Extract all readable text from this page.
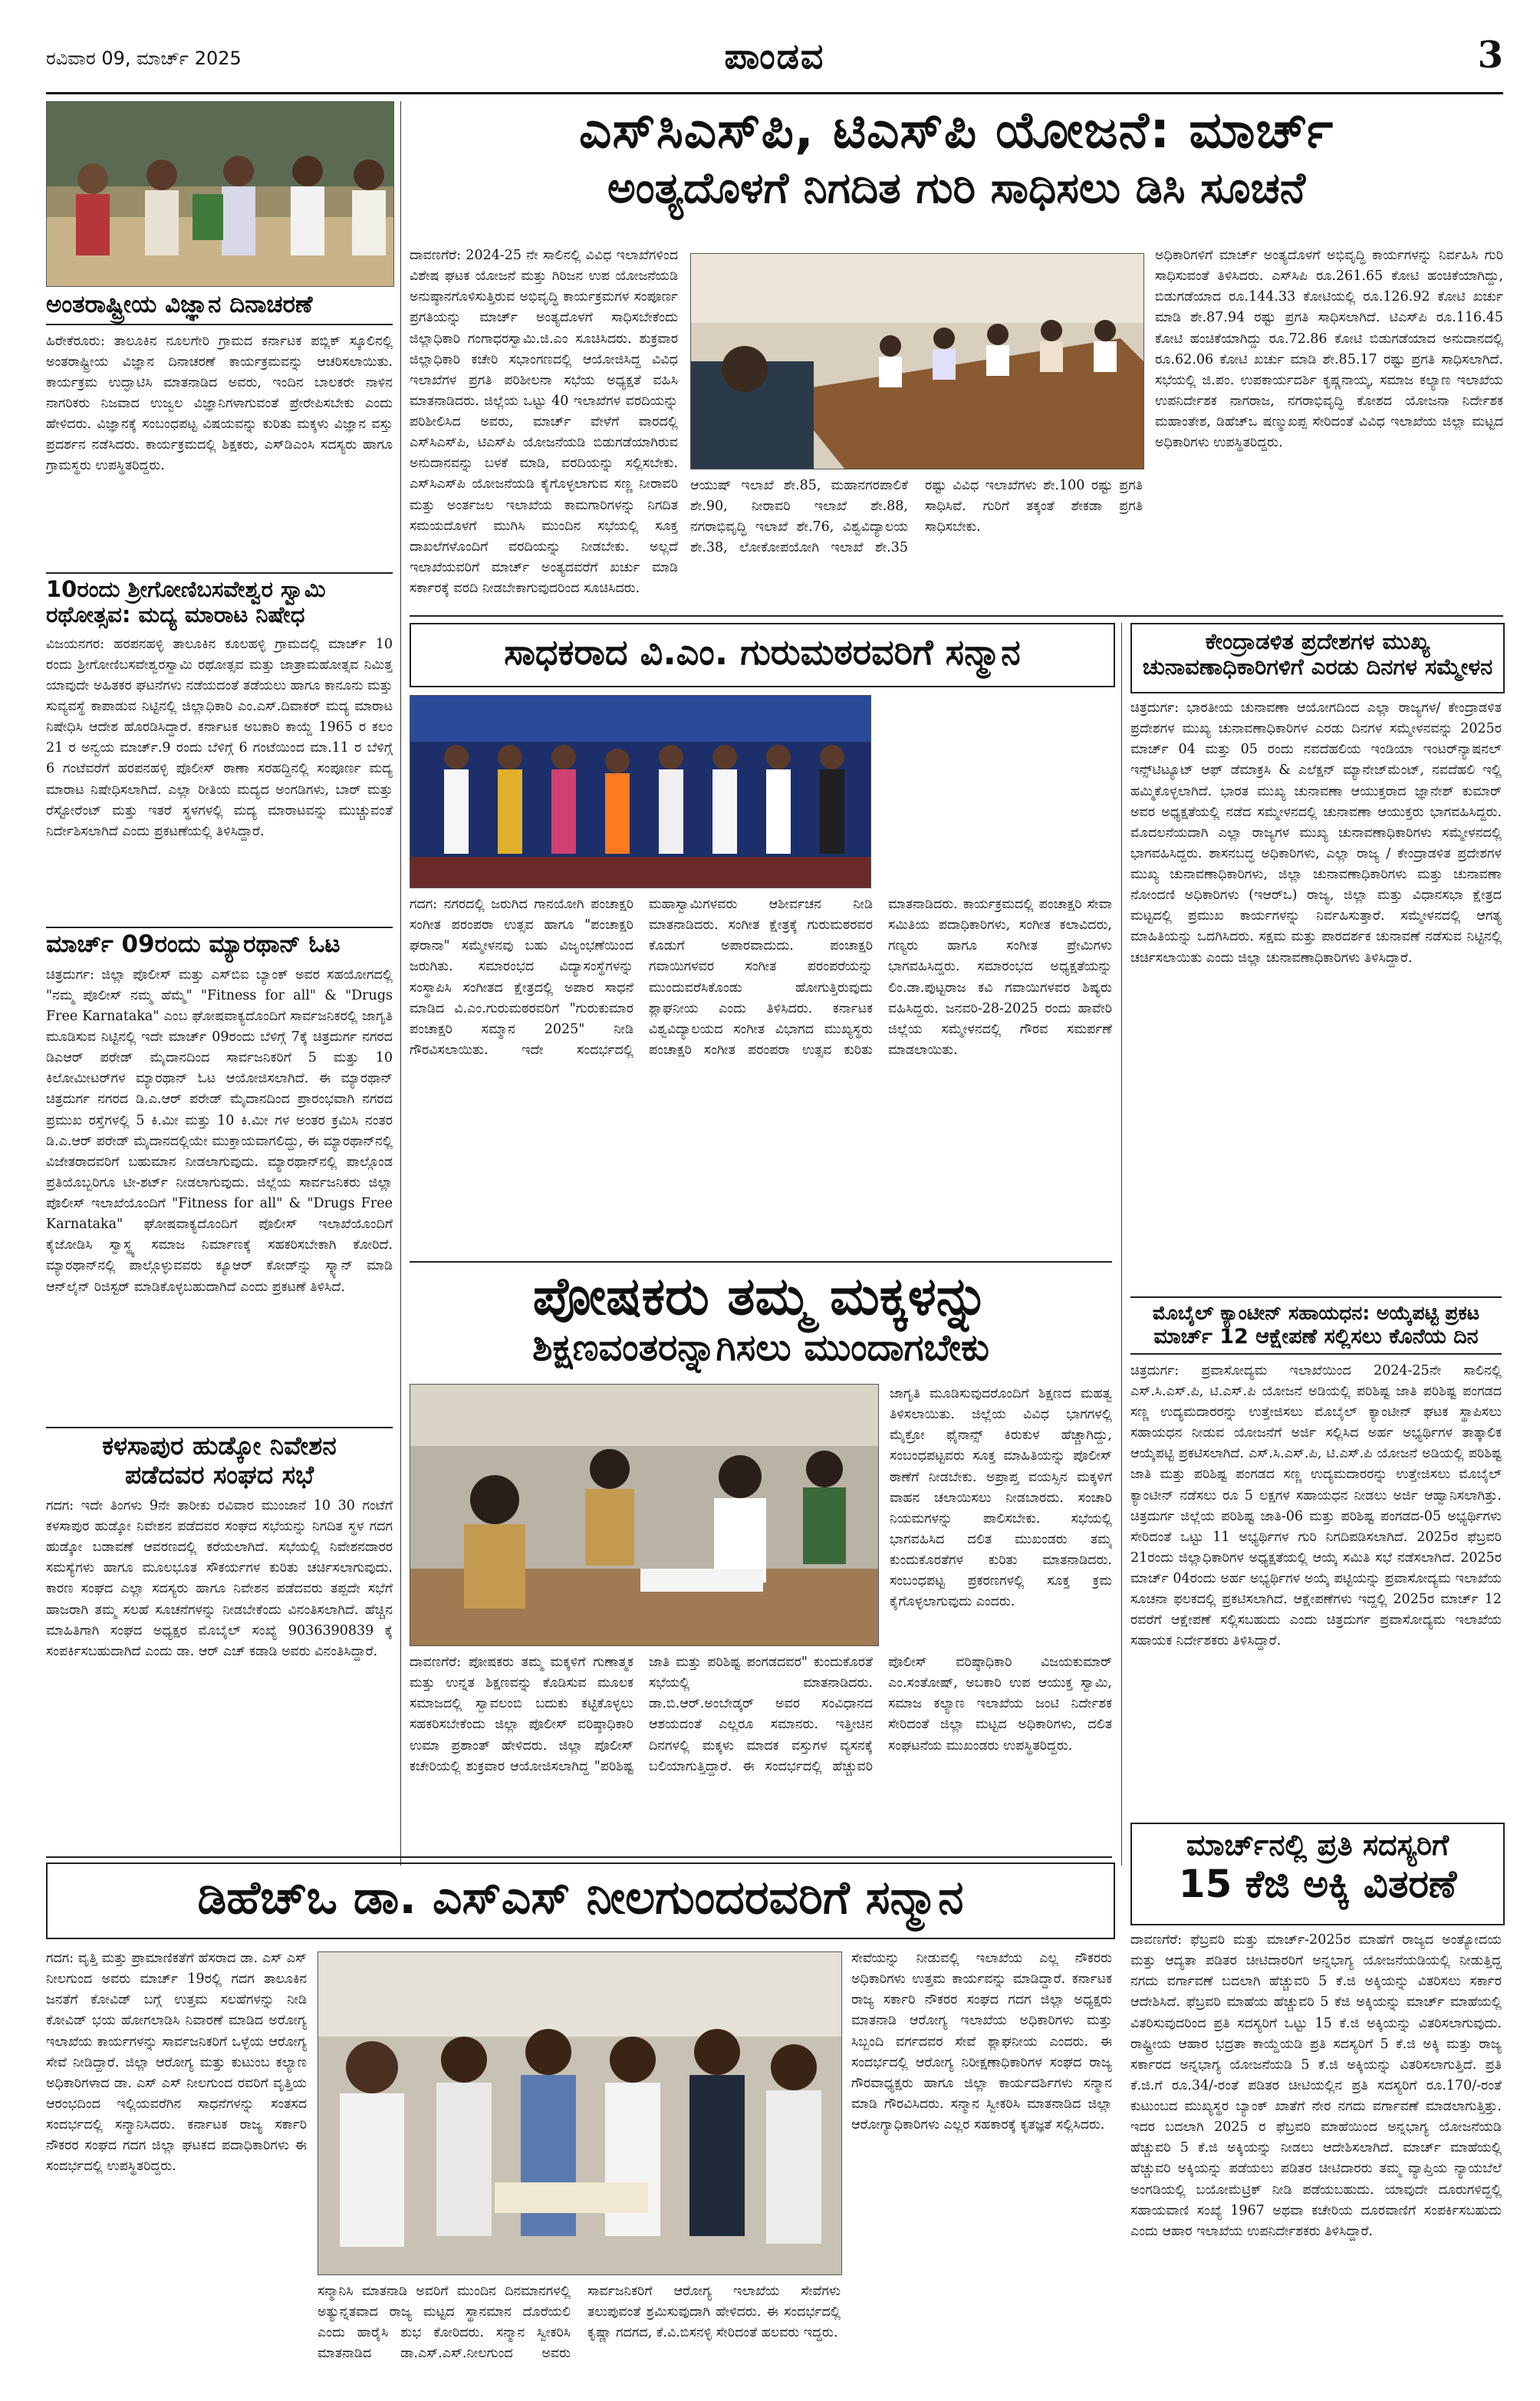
ರವಿವಾರ 09, ಮಾರ್ಚ್ 2025	ಪಾಂಡವ	3
ಅಂತರಾಷ್ಟ್ರೀಯ ವಿಜ್ಞಾನ ದಿನಾಚರಣೆ
ಹಿರೇಕೆರೂರು: ತಾಲೂಕಿನ ನೂಲಗೇರಿ ಗ್ರಾಮದ ಕರ್ನಾಟಕ ಪಬ್ಲಿಕ್ ಸ್ಕೂಲಿನಲ್ಲಿ ಅಂತರಾಷ್ಟ್ರೀಯ ವಿಜ್ಞಾನ ದಿನಾಚರಣೆ ಕಾರ್ಯಕ್ರಮವನ್ನು ಆಚರಿಸಲಾಯಿತು. ಕಾರ್ಯಕ್ರಮ ಉದ್ಘಾಟಿಸಿ ಮಾತನಾಡಿದ ಅವರು, ಇಂದಿನ ಬಾಲಕರೇ ನಾಳಿನ ನಾಗರಿಕರು ನಿಜವಾದ ಉಜ್ವಲ ವಿಜ್ಞಾನಿಗಳಾಗುವಂತೆ ಪ್ರೇರೇಪಿಸಬೇಕು ಎಂದು ಹೇಳಿದರು. ವಿಜ್ಞಾನಕ್ಕೆ ಸಂಬಂಧಪಟ್ಟ ವಿಷಯವನ್ನು ಕುರಿತು ಮಕ್ಕಳು ವಿಜ್ಞಾನ ವಸ್ತು ಪ್ರದರ್ಶನ ನಡೆಸಿದರು. ಕಾರ್ಯಕ್ರಮದಲ್ಲಿ ಶಿಕ್ಷಕರು, ಎಸ್‌ಡಿಎಂಸಿ ಸದಸ್ಯರು ಹಾಗೂ ಗ್ರಾಮಸ್ಥರು ಉಪಸ್ಥಿತರಿದ್ದರು.
10ರಂದು ಶ್ರೀಗೋಣಿಬಸವೇಶ್ವರ ಸ್ವಾಮಿ ರಥೋತ್ಸವ: ಮದ್ಯ ಮಾರಾಟ ನಿಷೇಧ
ವಿಜಯನಗರ: ಹರಪನಹಳ್ಳಿ ತಾಲೂಕಿನ ಕೂಲಹಳ್ಳಿ ಗ್ರಾಮದಲ್ಲಿ ಮಾರ್ಚ್ 10 ರಂದು ಶ್ರೀಗೋಣಿಬಸವೇಶ್ವರಸ್ವಾಮಿ ರಥೋತ್ಸವ ಮತ್ತು ಜಾತ್ರಾಮಹೋತ್ಸವ ನಿಮಿತ್ತ ಯಾವುದೇ ಅಹಿತಕರ ಘಟನೆಗಳು ನಡೆಯದಂತೆ ತಡೆಯಲು ಹಾಗೂ ಕಾನೂನು ಮತ್ತು ಸುವ್ಯವಸ್ಥೆ ಕಾಪಾಡುವ ನಿಟ್ಟಿನಲ್ಲಿ ಜಿಲ್ಲಾಧಿಕಾರಿ ಎಂ.ಎಸ್.ದಿವಾಕರ್ ಮದ್ಯ ಮಾರಾಟ ನಿಷೇಧಿಸಿ ಆದೇಶ ಹೊರಡಿಸಿದ್ದಾರೆ. ಕರ್ನಾಟಕ ಅಬಕಾರಿ ಕಾಯ್ದೆ 1965 ರ ಕಲಂ 21 ರ ಅನ್ವಯ ಮಾರ್ಚ್.9 ರಂದು ಬೆಳಿಗ್ಗೆ 6 ಗಂಟೆಯಿಂದ ಮಾ.11 ರ ಬೆಳಿಗ್ಗೆ 6 ಗಂಟೆವರೆಗೆ ಹರಪನಹಳ್ಳಿ ಪೊಲೀಸ್ ಠಾಣಾ ಸರಹದ್ದಿನಲ್ಲಿ ಸಂಪೂರ್ಣ ಮದ್ಯ ಮಾರಾಟ ನಿಷೇಧಿಸಲಾಗಿದೆ. ಎಲ್ಲಾ ರೀತಿಯ ಮದ್ಯದ ಅಂಗಡಿಗಳು, ಬಾರ್ ಮತ್ತು ರೆಸ್ಟೋರೆಂಟ್ ಮತ್ತು ಇತರೆ ಸ್ಥಳಗಳಲ್ಲಿ ಮದ್ಯ ಮಾರಾಟವನ್ನು ಮುಚ್ಚುವಂತೆ ನಿರ್ದೇಶಿಸಲಾಗಿದೆ ಎಂದು ಪ್ರಕಟಣೆಯಲ್ಲಿ ತಿಳಿಸಿದ್ದಾರೆ.
ಮಾರ್ಚ್ 09ರಂದು ಮ್ಯಾರಥಾನ್ ಓಟ
ಚಿತ್ರದುರ್ಗ: ಜಿಲ್ಲಾ ಪೊಲೀಸ್ ಮತ್ತು ಎಸ್‌ಬಿಐ ಬ್ಯಾಂಕ್ ಅವರ ಸಹಯೋಗದಲ್ಲಿ "ನಮ್ಮ ಪೊಲೀಸ್ ನಮ್ಮ ಹೆಮ್ಮೆ" "Fitness for all" & "Drugs Free Karnataka" ಎಂಬ ಘೋಷವಾಕ್ಯದೊಂದಿಗೆ ಸಾರ್ವಜನಿಕರಲ್ಲಿ ಜಾಗೃತಿ ಮೂಡಿಸುವ ನಿಟ್ಟಿನಲ್ಲಿ ಇದೇ ಮಾರ್ಚ್ 09ರಂದು ಬೆಳಿಗ್ಗೆ 7ಕ್ಕೆ ಚಿತ್ರದುರ್ಗ ನಗರದ ಡಿಎಆರ್ ಪರೇಡ್ ಮೈದಾನದಿಂದ ಸಾರ್ವಜನಿಕರಿಗೆ 5 ಮತ್ತು 10 ಕಿಲೋಮೀಟರ್‌ಗಳ ಮ್ಯಾರಥಾನ್ ಓಟ ಆಯೋಜಿಸಲಾಗಿದೆ. ಈ ಮ್ಯಾರಥಾನ್ ಚಿತ್ರದುರ್ಗ ನಗರದ ಡಿ.ಎ.ಆರ್ ಪರೇಡ್ ಮೈದಾನದಿಂದ ಪ್ರಾರಂಭವಾಗಿ ನಗರದ ಪ್ರಮುಖ ರಸ್ತೆಗಳಲ್ಲಿ 5 ಕಿ.ಮೀ ಮತ್ತು 10 ಕಿ.ಮೀ ಗಳ ಅಂತರ ಕ್ರಮಿಸಿ ನಂತರ ಡಿ.ಎ.ಆರ್ ಪರೇಡ್ ಮೈದಾನದಲ್ಲಿಯೇ ಮುಕ್ತಾಯವಾಗಲಿದ್ದು, ಈ ಮ್ಯಾರಥಾನ್‌ನಲ್ಲಿ ವಿಜೇತರಾದವರಿಗೆ ಬಹುಮಾನ ನೀಡಲಾಗುವುದು. ಮ್ಯಾರಥಾನ್‌ನಲ್ಲಿ ಪಾಲ್ಗೊಂಡ ಪ್ರತಿಯೊಬ್ಬರಿಗೂ ಟೀ-ಶರ್ಟ್ ನೀಡಲಾಗುವುದು. ಜಿಲ್ಲೆಯ ಸಾರ್ವಜನಿಕರು ಜಿಲ್ಲಾ ಪೊಲೀಸ್ ಇಲಾಖೆಯೊಂದಿಗೆ "Fitness for all" & "Drugs Free Karnataka" ಘೋಷವಾಕ್ಯದೊಂದಿಗೆ ಪೊಲೀಸ್ ಇಲಾಖೆಯೊಂದಿಗೆ ಕೈಜೋಡಿಸಿ ಸ್ವಾಸ್ಥ್ಯ ಸಮಾಜ ನಿರ್ಮಾಣಕ್ಕೆ ಸಹಕರಿಸಬೇಕಾಗಿ ಕೋರಿದೆ. ಮ್ಯಾರಥಾನ್‌ನಲ್ಲಿ ಪಾಲ್ಗೊಳ್ಳುವವರು ಕ್ಯೂಆರ್ ಕೋಡ್‌ನ್ನು ಸ್ಕ್ಯಾನ್ ಮಾಡಿ ಆನ್‌ಲೈನ್ ರಿಜಿಸ್ಟರ್ ಮಾಡಿಕೊಳ್ಳಬಹುದಾಗಿದೆ ಎಂದು ಪ್ರಕಟಣೆ ತಿಳಿಸಿದೆ.
ಕಳಸಾಪುರ ಹುಡ್ಕೋ ನಿವೇಶನ
ಪಡೆದವರ ಸಂಘದ ಸಭೆ
ಗದಗ: ಇದೇ ತಿಂಗಳು 9ನೇ ತಾರೀಕು ರವಿವಾರ ಮುಂಜಾನೆ 10 30 ಗಂಟೆಗೆ ಕಳಸಾಪುರ ಹುಡ್ಕೋ ನಿವೇಶನ ಪಡೆದವರ ಸಂಘದ ಸಭೆಯನ್ನು ನಿಗದಿತ ಸ್ಥಳ ಗದಗ ಹುಡ್ಕೋ ಬಡಾವಣೆ ಆವರಣದಲ್ಲಿ ಕರೆಯಲಾಗಿದೆ. ಸಭೆಯಲ್ಲಿ ನಿವೇಶನದಾರರ ಸಮಸ್ಯೆಗಳು ಹಾಗೂ ಮೂಲಭೂತ ಸೌಕರ್ಯಗಳ ಕುರಿತು ಚರ್ಚಿಸಲಾಗುವುದು. ಕಾರಣ ಸಂಘದ ಎಲ್ಲಾ ಸದಸ್ಯರು ಹಾಗೂ ನಿವೇಶನ ಪಡೆದವರು ತಪ್ಪದೇ ಸಭೆಗೆ ಹಾಜರಾಗಿ ತಮ್ಮ ಸಲಹೆ ಸೂಚನೆಗಳನ್ನು ನೀಡಬೇಕೆಂದು ವಿನಂತಿಸಲಾಗಿದೆ. ಹೆಚ್ಚಿನ ಮಾಹಿತಿಗಾಗಿ ಸಂಘದ ಅಧ್ಯಕ್ಷರ ಮೊಬೈಲ್ ಸಂಖ್ಯೆ 9036390839 ಕ್ಕೆ ಸಂಪರ್ಕಿಸಬಹುದಾಗಿದೆ ಎಂದು ಡಾ. ಆರ್ ಎಚ್ ಕಡಾಡಿ ಅವರು ವಿನಂತಿಸಿದ್ದಾರೆ.
ಎಸ್‌ಸಿಎಸ್‌ಪಿ, ಟಿಎಸ್‌ಪಿ ಯೋಜನೆ: ಮಾರ್ಚ್
ಅಂತ್ಯದೊಳಗೆ ನಿಗದಿತ ಗುರಿ ಸಾಧಿಸಲು ಡಿಸಿ ಸೂಚನೆ
ದಾವಣಗೆರೆ: 2024-25 ನೇ ಸಾಲಿನಲ್ಲಿ ವಿವಿಧ ಇಲಾಖೆಗಳಿಂದ ವಿಶೇಷ ಘಟಕ ಯೋಜನೆ ಮತ್ತು ಗಿರಿಜನ ಉಪ ಯೋಜನೆಯಡಿ ಅನುಷ್ಠಾನಗೊಳಿಸುತ್ತಿರುವ ಅಭಿವೃದ್ಧಿ ಕಾರ್ಯಕ್ರಮಗಳ ಸಂಪೂರ್ಣ ಪ್ರಗತಿಯನ್ನು ಮಾರ್ಚ್ ಅಂತ್ಯದೊಳಗೆ ಸಾಧಿಸಬೇಕೆಂದು ಜಿಲ್ಲಾಧಿಕಾರಿ ಗಂಗಾಧರಸ್ವಾಮಿ.ಜಿ.ಎಂ ಸೂಚಿಸಿದರು. ಶುಕ್ರವಾರ ಜಿಲ್ಲಾಧಿಕಾರಿ ಕಚೇರಿ ಸಭಾಂಗಣದಲ್ಲಿ ಆಯೋಜಿಸಿದ್ದ ವಿವಿಧ ಇಲಾಖೆಗಳ ಪ್ರಗತಿ ಪರಿಶೀಲನಾ ಸಭೆಯ ಅಧ್ಯಕ್ಷತೆ ವಹಿಸಿ ಮಾತನಾಡಿದರು. ಜಿಲ್ಲೆಯ ಒಟ್ಟು 40 ಇಲಾಖೆಗಳ ವರದಿಯನ್ನು ಪರಿಶೀಲಿಸಿದ ಅವರು, ಮಾರ್ಚ್ ವೇಳೆಗೆ ವಾರದಲ್ಲಿ ಎಸ್‌ಸಿಎಸ್‌ಪಿ, ಟಿಎಸ್‌ಪಿ ಯೋಜನೆಯಡಿ ಬಿಡುಗಡೆಯಾಗಿರುವ ಅನುದಾನವನ್ನು ಬಳಕೆ ಮಾಡಿ, ವರದಿಯನ್ನು ಸಲ್ಲಿಸಬೇಕು. ಎಸ್‌ಸಿಎಸ್‌ಪಿ ಯೋಜನೆಯಡಿ ಕೈಗೊಳ್ಳಲಾಗುವ ಸಣ್ಣ ನೀರಾವರಿ ಮತ್ತು ಅಂರ್ತಜಲ ಇಲಾಖೆಯ ಕಾಮಗಾರಿಗಳನ್ನು ನಿಗದಿತ ಸಮಯದೊಳಗೆ ಮುಗಿಸಿ ಮುಂದಿನ ಸಭೆಯಲ್ಲಿ ಸೂಕ್ತ ದಾಖಲೆಗಳೊಂದಿಗೆ ವರದಿಯನ್ನು ನೀಡಬೇಕು. ಅಲ್ಲದೆ ಇಲಾಖೆಯವರಿಗೆ ಮಾರ್ಚ್ ಅಂತ್ಯದವರೆಗೆ ಖರ್ಚು ಮಾಡಿ ಸರ್ಕಾರಕ್ಕೆ ವರದಿ ನೀಡಬೇಕಾಗುವುದರಿಂದ ಸೂಚಿಸಿದರು.
ಆಯುಷ್ ಇಲಾಖೆ ಶೇ.85, ಮಹಾನಗರಪಾಲಿಕೆ ಶೇ.90, ನೀರಾವರಿ ಇಲಾಖೆ ಶೇ.88, ನಗರಾಭಿವೃದ್ಧಿ ಇಲಾಖೆ ಶೇ.76, ವಿಶ್ವವಿದ್ಯಾಲಯ ಶೇ.38, ಲೋಕೋಪಯೋಗಿ ಇಲಾಖೆ ಶೇ.35 ರಷ್ಟು ವಿವಿಧ ಇಲಾಖೆಗಳು ಶೇ.100 ರಷ್ಟು ಪ್ರಗತಿ ಸಾಧಿಸಿವೆ. ಗುರಿಗೆ ತಕ್ಕಂತೆ ಶೇಕಡಾ ಪ್ರಗತಿ ಸಾಧಿಸಬೇಕು.
ಅಧಿಕಾರಿಗಳಿಗೆ ಮಾರ್ಚ್ ಅಂತ್ಯದೊಳಗೆ ಅಭಿವೃದ್ಧಿ ಕಾರ್ಯಗಳನ್ನು ನಿರ್ವಹಿಸಿ ಗುರಿ ಸಾಧಿಸುವಂತೆ ತಿಳಿಸಿದರು. ಎಸ್‌ಸಿಪಿ ರೂ.261.65 ಕೋಟಿ ಹಂಚಿಕೆಯಾಗಿದ್ದು, ಬಿಡುಗಡೆಯಾದ ರೂ.144.33 ಕೋಟಿಯಲ್ಲಿ ರೂ.126.92 ಕೋಟಿ ಖರ್ಚು ಮಾಡಿ ಶೇ.87.94 ರಷ್ಟು ಪ್ರಗತಿ ಸಾಧಿಸಲಾಗಿದೆ. ಟಿಎಸ್‌ಪಿ ರೂ.116.45 ಕೋಟಿ ಹಂಚಿಕೆಯಾಗಿದ್ದು ರೂ.72.86 ಕೋಟಿ ಬಿಡುಗಡೆಯಾದ ಅನುದಾನದಲ್ಲಿ ರೂ.62.06 ಕೋಟಿ ಖರ್ಚು ಮಾಡಿ ಶೇ.85.17 ರಷ್ಟು ಪ್ರಗತಿ ಸಾಧಿಸಲಾಗಿದೆ. ಸಭೆಯಲ್ಲಿ ಜಿ.ಪಂ. ಉಪಕಾರ್ಯದರ್ಶಿ ಕೃಷ್ಣನಾಯ್ಕ, ಸಮಾಜ ಕಲ್ಯಾಣ ಇಲಾಖೆಯ ಉಪನಿರ್ದೇಶಕ ನಾಗರಾಜ, ನಗರಾಭಿವೃದ್ಧಿ ಕೋಶದ ಯೋಜನಾ ನಿರ್ದೇಶಕ ಮಹಾಂತೇಶ, ಡಿಹೆಚ್‌ಒ ಷಣ್ಮುಖಪ್ಪ ಸೇರಿದಂತೆ ವಿವಿಧ ಇಲಾಖೆಯ ಜಿಲ್ಲಾ ಮಟ್ಟದ ಅಧಿಕಾರಿಗಳು ಉಪಸ್ಥಿತರಿದ್ದರು.
ಸಾಧಕರಾದ ವಿ.ಎಂ. ಗುರುಮಠರವರಿಗೆ ಸನ್ಮಾನ
ಗದಗ: ನಗರದಲ್ಲಿ ಜರುಗಿದ ಗಾನಯೋಗಿ ಪಂಚಾಕ್ಷರಿ ಸಂಗೀತ ಪರಂಪರಾ ಉತ್ಸವ ಹಾಗೂ "ಪಂಚಾಕ್ಷರಿ ಘರಾನಾ" ಸಮ್ಮೇಳನವು ಬಹು ವಿಜೃಂಭಣೆಯಿಂದ ಜರುಗಿತು. ಸಮಾರಂಭದ ವಿದ್ಯಾಸಂಸ್ಥೆಗಳನ್ನು ಸಂಸ್ಥಾಪಿಸಿ ಸಂಗೀತದ ಕ್ಷೇತ್ರದಲ್ಲಿ ಅಪಾರ ಸಾಧನೆ ಮಾಡಿದ ವಿ.ಎಂ.ಗುರುಮಠರವರಿಗೆ "ಗುರುಕುಮಾರ ಪಂಚಾಕ್ಷರಿ ಸಮ್ಮಾನ 2025" ನೀಡಿ ಗೌರವಿಸಲಾಯಿತು. ಇದೇ ಸಂದರ್ಭದಲ್ಲಿ ಮಹಾಸ್ವಾಮಿಗಳವರು ಆಶೀರ್ವಚನ ನೀಡಿ ಮಾತನಾಡಿದರು. ಸಂಗೀತ ಕ್ಷೇತ್ರಕ್ಕೆ ಗುರುಮಠರವರ ಕೊಡುಗೆ ಅಪಾರವಾದುದು. ಪಂಚಾಕ್ಷರಿ ಗವಾಯಿಗಳವರ ಸಂಗೀತ ಪರಂಪರೆಯನ್ನು ಮುಂದುವರೆಸಿಕೊಂಡು ಹೋಗುತ್ತಿರುವುದು ಶ್ಲಾಘನೀಯ ಎಂದು ತಿಳಿಸಿದರು. ಕರ್ನಾಟಕ ವಿಶ್ವವಿದ್ಯಾಲಯದ ಸಂಗೀತ ವಿಭಾಗದ ಮುಖ್ಯಸ್ಥರು ಪಂಚಾಕ್ಷರಿ ಸಂಗೀತ ಪರಂಪರಾ ಉತ್ಸವ ಕುರಿತು ಮಾತನಾಡಿದರು. ಕಾರ್ಯಕ್ರಮದಲ್ಲಿ ಪಂಚಾಕ್ಷರಿ ಸೇವಾ ಸಮಿತಿಯ ಪದಾಧಿಕಾರಿಗಳು, ಸಂಗೀತ ಕಲಾವಿದರು, ಗಣ್ಯರು ಹಾಗೂ ಸಂಗೀತ ಪ್ರೇಮಿಗಳು ಭಾಗವಹಿಸಿದ್ದರು. ಸಮಾರಂಭದ ಅಧ್ಯಕ್ಷತೆಯನ್ನು ಲಿಂ.ಡಾ.ಪುಟ್ಟರಾಜ ಕವಿ ಗವಾಯಿಗಳವರ ಶಿಷ್ಯರು ವಹಿಸಿದ್ದರು. ಜನವರಿ-28-2025 ರಂದು ಹಾವೇರಿ ಜಿಲ್ಲೆಯ ಸಮ್ಮೇಳನದಲ್ಲಿ ಗೌರವ ಸಮರ್ಪಣೆ ಮಾಡಲಾಯಿತು.
ಪೋಷಕರು ತಮ್ಮ ಮಕ್ಕಳನ್ನು
ಶಿಕ್ಷಣವಂತರನ್ನಾಗಿಸಲು ಮುಂದಾಗಬೇಕು
ಜಾಗೃತಿ ಮೂಡಿಸುವುದರೊಂದಿಗೆ ಶಿಕ್ಷಣದ ಮಹತ್ವ ತಿಳಿಸಲಾಯಿತು. ಜಿಲ್ಲೆಯ ವಿವಿಧ ಭಾಗಗಳಲ್ಲಿ ಮೈಕ್ರೋ ಫೈನಾನ್ಸ್ ಕಿರುಕುಳ ಹೆಚ್ಚಾಗಿದ್ದು, ಸಂಬಂಧಪಟ್ಟವರು ಸೂಕ್ತ ಮಾಹಿತಿಯನ್ನು ಪೊಲೀಸ್ ಠಾಣೆಗೆ ನೀಡಬೇಕು. ಅಪ್ರಾಪ್ತ ವಯಸ್ಸಿನ ಮಕ್ಕಳಿಗೆ ವಾಹನ ಚಲಾಯಿಸಲು ನೀಡಬಾರದು. ಸಂಚಾರಿ ನಿಯಮಗಳನ್ನು ಪಾಲಿಸಬೇಕು. ಸಭೆಯಲ್ಲಿ ಭಾಗವಹಿಸಿದ ದಲಿತ ಮುಖಂಡರು ತಮ್ಮ ಕುಂದುಕೊರತೆಗಳ ಕುರಿತು ಮಾತನಾಡಿದರು. ಸಂಬಂಧಪಟ್ಟ ಪ್ರಕರಣಗಳಲ್ಲಿ ಸೂಕ್ತ ಕ್ರಮ ಕೈಗೊಳ್ಳಲಾಗುವುದು ಎಂದರು.
ದಾವಣಗೆರೆ: ಪೋಷಕರು ತಮ್ಮ ಮಕ್ಕಳಿಗೆ ಗುಣಾತ್ಮಕ ಮತ್ತು ಉನ್ನತ ಶಿಕ್ಷಣವನ್ನು ಕೊಡಿಸುವ ಮೂಲಕ ಸಮಾಜದಲ್ಲಿ ಸ್ವಾವಲಂಬಿ ಬದುಕು ಕಟ್ಟಿಕೊಳ್ಳಲು ಸಹಕರಿಸಬೇಕೆಂದು ಜಿಲ್ಲಾ ಪೊಲೀಸ್ ವರಿಷ್ಠಾಧಿಕಾರಿ ಉಮಾ ಪ್ರಶಾಂತ್ ಹೇಳಿದರು. ಜಿಲ್ಲಾ ಪೊಲೀಸ್ ಕಚೇರಿಯಲ್ಲಿ ಶುಕ್ರವಾರ ಆಯೋಜಿಸಲಾಗಿದ್ದ "ಪರಿಶಿಷ್ಟ ಜಾತಿ ಮತ್ತು ಪರಿಶಿಷ್ಟ ಪಂಗಡದವರ" ಕುಂದುಕೊರತೆ ಸಭೆಯಲ್ಲಿ ಮಾತನಾಡಿದರು. ಡಾ.ಬಿ.ಆರ್.ಅಂಬೇಡ್ಕರ್ ಅವರ ಸಂವಿಧಾನದ ಆಶಯದಂತೆ ಎಲ್ಲರೂ ಸಮಾನರು. ಇತ್ತೀಚಿನ ದಿನಗಳಲ್ಲಿ ಮಕ್ಕಳು ಮಾದಕ ವಸ್ತುಗಳ ವ್ಯಸನಕ್ಕೆ ಬಲಿಯಾಗುತ್ತಿದ್ದಾರೆ. ಈ ಸಂದರ್ಭದಲ್ಲಿ ಹೆಚ್ಚುವರಿ ಪೊಲೀಸ್ ವರಿಷ್ಠಾಧಿಕಾರಿ ವಿಜಯಕುಮಾರ್ ಎಂ.ಸಂತೋಷ್, ಅಬಕಾರಿ ಉಪ ಆಯುಕ್ತ ಸ್ವಾಮಿ, ಸಮಾಜ ಕಲ್ಯಾಣ ಇಲಾಖೆಯ ಜಂಟಿ ನಿರ್ದೇಶಕ ಸೇರಿದಂತೆ ಜಿಲ್ಲಾ ಮಟ್ಟದ ಅಧಿಕಾರಿಗಳು, ದಲಿತ ಸಂಘಟನೆಯ ಮುಖಂಡರು ಉಪಸ್ಥಿತರಿದ್ದರು.
ಕೇಂದ್ರಾಡಳಿತ ಪ್ರದೇಶಗಳ ಮುಖ್ಯ ಚುನಾವಣಾಧಿಕಾರಿಗಳಿಗೆ ಎರಡು ದಿನಗಳ ಸಮ್ಮೇಳನ
ಚಿತ್ರದುರ್ಗ: ಭಾರತೀಯ ಚುನಾವಣಾ ಆಯೋಗದಿಂದ ಎಲ್ಲಾ ರಾಜ್ಯಗಳ/ ಕೇಂದ್ರಾಡಳಿತ ಪ್ರದೇಶಗಳ ಮುಖ್ಯ ಚುನಾವಣಾಧಿಕಾರಿಗಳ ಎರಡು ದಿನಗಳ ಸಮ್ಮೇಳನವನ್ನು 2025ರ ಮಾರ್ಚ್ 04 ಮತ್ತು 05 ರಂದು ನವದೆಹಲಿಯ ಇಂಡಿಯಾ ಇಂಟರ್‌ನ್ಯಾಷನಲ್ ಇನ್ಸ್‌ಟಿಟ್ಯೂಟ್ ಆಫ್ ಡೆಮಾಕ್ರಸಿ & ಎಲೆಕ್ಷನ್ ಮ್ಯಾನೇಜ್‌ಮೆಂಟ್, ನವದೆಹಲಿ ಇಲ್ಲಿ ಹಮ್ಮಿಕೊಳ್ಳಲಾಗಿದೆ. ಭಾರತ ಮುಖ್ಯ ಚುನಾವಣಾ ಆಯುಕ್ತರಾದ ಜ್ಞಾನೇಶ್ ಕುಮಾರ್ ಅವರ ಅಧ್ಯಕ್ಷತೆಯಲ್ಲಿ ನಡೆದ ಸಮ್ಮೇಳನದಲ್ಲಿ ಚುನಾವಣಾ ಆಯುಕ್ತರು ಭಾಗವಹಿಸಿದ್ದರು. ಮೊದಲನೆಯದಾಗಿ ಎಲ್ಲಾ ರಾಜ್ಯಗಳ ಮುಖ್ಯ ಚುನಾವಣಾಧಿಕಾರಿಗಳು ಸಮ್ಮೇಳನದಲ್ಲಿ ಭಾಗವಹಿಸಿದ್ದರು. ಶಾಸನಬದ್ಧ ಅಧಿಕಾರಿಗಳು, ಎಲ್ಲಾ ರಾಜ್ಯ / ಕೇಂದ್ರಾಡಳಿತ ಪ್ರದೇಶಗಳ ಮುಖ್ಯ ಚುನಾವಣಾಧಿಕಾರಿಗಳು, ಜಿಲ್ಲಾ ಚುನಾವಣಾಧಿಕಾರಿಗಳು ಮತ್ತು ಚುನಾವಣಾ ನೋಂದಣಿ ಅಧಿಕಾರಿಗಳು (ಇಆರ್‌ಒ) ರಾಜ್ಯ, ಜಿಲ್ಲಾ ಮತ್ತು ವಿಧಾನಸಭಾ ಕ್ಷೇತ್ರದ ಮಟ್ಟದಲ್ಲಿ ಪ್ರಮುಖ ಕಾರ್ಯಗಳನ್ನು ನಿರ್ವಹಿಸುತ್ತಾರೆ. ಸಮ್ಮೇಳನದಲ್ಲಿ ಆಗತ್ಯ ಮಾಹಿತಿಯನ್ನು ಒದಗಿಸಿದರು. ಸಕ್ಷಮ ಮತ್ತು ಪಾರದರ್ಶಕ ಚುನಾವಣೆ ನಡೆಸುವ ನಿಟ್ಟಿನಲ್ಲಿ ಚರ್ಚಿಸಲಾಯಿತು ಎಂದು ಜಿಲ್ಲಾ ಚುನಾವಣಾಧಿಕಾರಿಗಳು ತಿಳಿಸಿದ್ದಾರೆ.
ಮೊಬೈಲ್ ಕ್ಯಾಂಟೀನ್ ಸಹಾಯಧನ: ಅಯ್ಕೆಪಟ್ಟಿ ಪ್ರಕಟ
ಮಾರ್ಚ್ 12 ಆಕ್ಷೇಪಣೆ ಸಲ್ಲಿಸಲು ಕೊನೆಯ ದಿನ
ಚಿತ್ರದುರ್ಗ: ಪ್ರವಾಸೋದ್ಯಮ ಇಲಾಖೆಯಿಂದ 2024-25ನೇ ಸಾಲಿನಲ್ಲಿ ಎಸ್.ಸಿ.ಎಸ್.ಪಿ, ಟಿ.ಎಸ್.ಪಿ ಯೋಜನೆ ಅಡಿಯಲ್ಲಿ ಪರಿಶಿಷ್ಟ ಜಾತಿ ಪರಿಶಿಷ್ಟ ಪಂಗಡದ ಸಣ್ಣ ಉದ್ಯಮದಾರರನ್ನು ಉತ್ತೇಜಿಸಲು ಮೊಬೈಲ್ ಕ್ಯಾಂಟೀನ್ ಘಟಕ ಸ್ಥಾಪಿಸಲು ಸಹಾಯಧನ ನೀಡುವ ಯೋಜನೆಗೆ ಅರ್ಜಿ ಸಲ್ಲಿಸಿದ ಅರ್ಹ ಅಭ್ಯರ್ಥಿಗಳ ತಾತ್ಕಾಲಿಕ ಆಯ್ಕೆಪಟ್ಟಿ ಪ್ರಕಟಿಸಲಾಗಿದೆ. ಎಸ್.ಸಿ.ಎಸ್.ಪಿ, ಟಿ.ಎಸ್.ಪಿ ಯೋಜನೆ ಅಡಿಯಲ್ಲಿ ಪರಿಶಿಷ್ಟ ಜಾತಿ ಮತ್ತು ಪರಿಶಿಷ್ಟ ಪಂಗಡದ ಸಣ್ಣ ಉದ್ಯಮದಾರರನ್ನು ಉತ್ತೇಜಿಸಲು ಮೊಬೈಲ್ ಕ್ಯಾಂಟೀನ್ ನಡೆಸಲು ರೂ 5 ಲಕ್ಷಗಳ ಸಹಾಯಧನ ನೀಡಲು ಅರ್ಜಿ ಆಹ್ವಾನಿಸಲಾಗಿತ್ತು. ಚಿತ್ರದುರ್ಗ ಜಿಲ್ಲೆಯ ಪರಿಶಿಷ್ಟ ಜಾತಿ-06 ಮತ್ತು ಪರಿಶಿಷ್ಟ ಪಂಗಡದ-05 ಅಭ್ಯರ್ಥಿಗಳು ಸೇರಿದಂತೆ ಒಟ್ಟು 11 ಅಭ್ಯರ್ಥಿಗಳ ಗುರಿ ನಿಗದಿಪಡಿಸಲಾಗಿದೆ. 2025ರ ಫೆಬ್ರವರಿ 21ರಂದು ಜಿಲ್ಲಾಧಿಕಾರಿಗಳ ಅಧ್ಯಕ್ಷತೆಯಲ್ಲಿ ಆಯ್ಕೆ ಸಮಿತಿ ಸಭೆ ನಡೆಸಲಾಗಿದೆ. 2025ರ ಮಾರ್ಚ್ 04ರಂದು ಅರ್ಹ ಅಭ್ಯರ್ಥಿಗಳ ಅಯ್ಕೆ ಪಟ್ಟಿಯನ್ನು ಪ್ರವಾಸೋದ್ಯಮ ಇಲಾಖೆಯ ಸೂಚನಾ ಫಲಕದಲ್ಲಿ ಪ್ರಕಟಿಸಲಾಗಿದೆ. ಆಕ್ಷೇಪಣೆಗಳು ಇದ್ದಲ್ಲಿ 2025ರ ಮಾರ್ಚ್ 12 ರವರೆಗೆ ಆಕ್ಷೇಪಣೆ ಸಲ್ಲಿಸಬಹುದು ಎಂದು ಚಿತ್ರದುರ್ಗ ಪ್ರವಾಸೋದ್ಯಮ ಇಲಾಖೆಯ ಸಹಾಯಕ ನಿರ್ದೇಶಕರು ತಿಳಿಸಿದ್ದಾರೆ.
ಮಾರ್ಚ್‌ನಲ್ಲಿ ಪ್ರತಿ ಸದಸ್ಯರಿಗೆ
15 ಕೆಜಿ ಅಕ್ಕಿ ವಿತರಣೆ
ದಾವಣಗೆರೆ: ಫೆಬ್ರವರಿ ಮತ್ತು ಮಾರ್ಚ್-2025ರ ಮಾಹೆಗೆ ರಾಜ್ಯದ ಅಂತ್ಯೋದಯ ಮತ್ತು ಆದ್ಯತಾ ಪಡಿತರ ಚೀಟಿದಾರರಿಗೆ ಅನ್ನಭಾಗ್ಯ ಯೋಜನೆಯಡಿಯಲ್ಲಿ ನೀಡುತ್ತಿದ್ದ ನಗದು ವರ್ಗಾವಣೆ ಬದಲಾಗಿ ಹೆಚ್ಚುವರಿ 5 ಕೆ.ಜಿ ಅಕ್ಕಿಯನ್ನು ವಿತರಿಸಲು ಸರ್ಕಾರ ಆದೇಶಿಸಿದೆ. ಫೆಬ್ರವರಿ ಮಾಹೆಯ ಹೆಚ್ಚುವರಿ 5 ಕೆಜಿ ಅಕ್ಕಿಯನ್ನು ಮಾರ್ಚ್ ಮಾಹೆಯಲ್ಲಿ ವಿತರಿಸುವುದರಿಂದ ಪ್ರತಿ ಸದಸ್ಯರಿಗೆ ಒಟ್ಟು 15 ಕೆ.ಜಿ ಅಕ್ಕಿಯನ್ನು ವಿತರಿಸಲಾಗುವುದು. ರಾಷ್ಟ್ರೀಯ ಆಹಾರ ಭದ್ರತಾ ಕಾಯ್ದೆಯಡಿ ಪ್ರತಿ ಸದಸ್ಯರಿಗೆ 5 ಕೆ.ಜಿ ಅಕ್ಕಿ ಮತ್ತು ರಾಜ್ಯ ಸರ್ಕಾರದ ಅನ್ನಭಾಗ್ಯ ಯೋಜನೆಯಡಿ 5 ಕೆ.ಜಿ ಅಕ್ಕಿಯನ್ನು ವಿತರಿಸಲಾಗುತ್ತಿದೆ. ಪ್ರತಿ ಕೆ.ಜಿ.ಗೆ ರೂ.34/-ರಂತೆ ಪಡಿತರ ಚೀಟಿಯಲ್ಲಿನ ಪ್ರತಿ ಸದಸ್ಯರಿಗೆ ರೂ.170/-ರಂತೆ ಕುಟುಂಬದ ಮುಖ್ಯಸ್ಥರ ಬ್ಯಾಂಕ್ ಖಾತೆಗೆ ನೇರ ನಗದು ವರ್ಗಾವಣೆ ಮಾಡಲಾಗುತ್ತಿತ್ತು. ಇದರ ಬದಲಾಗಿ 2025 ರ ಫೆಬ್ರವರಿ ಮಾಹೆಯಿಂದ ಅನ್ನಭಾಗ್ಯ ಯೋಜನೆಯಡಿ ಹೆಚ್ಚುವರಿ 5 ಕೆ.ಜಿ ಅಕ್ಕಿಯನ್ನು ನೀಡಲು ಆದೇಶಿಸಲಾಗಿದೆ. ಮಾರ್ಚ್ ಮಾಹೆಯಲ್ಲಿ ಹೆಚ್ಚುವರಿ ಅಕ್ಕಿಯನ್ನು ಪಡೆಯಲು ಪಡಿತರ ಚೀಟಿದಾರರು ತಮ್ಮ ವ್ಯಾಪ್ತಿಯ ನ್ಯಾಯಬೆಲೆ ಅಂಗಡಿಯಲ್ಲಿ ಬಯೋಮೆಟ್ರಿಕ್ ನೀಡಿ ಪಡೆಯಬಹುದು. ಯಾವುದೇ ದೂರುಗಳಿದ್ದಲ್ಲಿ ಸಹಾಯವಾಣಿ ಸಂಖ್ಯೆ 1967 ಅಥವಾ ಕಚೇರಿಯ ದೂರವಾಣಿಗೆ ಸಂಪರ್ಕಿಸಬಹುದು ಎಂದು ಆಹಾರ ಇಲಾಖೆಯ ಉಪನಿರ್ದೇಶಕರು ತಿಳಿಸಿದ್ದಾರೆ.
ಡಿಹೆಚ್‌ಒ ಡಾ. ಎಸ್‌ಎಸ್ ನೀಲಗುಂದರವರಿಗೆ ಸನ್ಮಾನ
ಗದಗ: ವೃತ್ತಿ ಮತ್ತು ಪ್ರಾಮಾಣಿಕತೆಗೆ ಹೆಸರಾದ ಡಾ. ಎಸ್ ಎಸ್ ನೀಲಗುಂದ ಅವರು ಮಾರ್ಚ್ 19ರಲ್ಲಿ ಗದಗ ತಾಲೂಕಿನ ಜನತೆಗೆ ಕೋವಿಡ್ ಬಗ್ಗೆ ಉತ್ತಮ ಸಲಹೆಗಳನ್ನು ನೀಡಿ ಕೋವಿಡ್ ಭಯ ಹೋಗಲಾಡಿಸಿ ನಿವಾರಣೆ ಮಾಡಿದ ಅರೋಗ್ಯ ಇಲಾಖೆಯ ಕಾರ್ಯಗಳನ್ನು ಸಾರ್ವಜನಿಕರಿಗೆ ಒಳ್ಳೆಯ ಆರೋಗ್ಯ ಸೇವೆ ನೀಡಿದ್ದಾರೆ. ಜಿಲ್ಲಾ ಆರೋಗ್ಯ ಮತ್ತು ಕುಟುಂಬ ಕಲ್ಯಾಣ ಅಧಿಕಾರಿಗಳಾದ ಡಾ. ಎಸ್ ಎಸ್ ನೀಲಗುಂದ ರವರಿಗೆ ವೃತ್ತಿಯ ಆರಂಭದಿಂದ ಇಲ್ಲಿಯವರೆಗಿನ ಸಾಧನೆಗಳನ್ನು ಸಂತಸದ ಸಂದರ್ಭದಲ್ಲಿ ಸನ್ಮಾನಿಸಿದರು. ಕರ್ನಾಟಕ ರಾಜ್ಯ ಸರ್ಕಾರಿ ನೌಕರರ ಸಂಘದ ಗದಗ ಜಿಲ್ಲಾ ಘಟಕದ ಪದಾಧಿಕಾರಿಗಳು ಈ ಸಂದರ್ಭದಲ್ಲಿ ಉಪಸ್ಥಿತರಿದ್ದರು.
ಸನ್ಮಾನಿಸಿ ಮಾತನಾಡಿ ಅವರಿಗೆ ಮುಂದಿನ ದಿನಮಾನಗಳಲ್ಲಿ ಅತ್ಯುನ್ನತವಾದ ರಾಜ್ಯ ಮಟ್ಟದ ಸ್ಥಾನಮಾನ ದೊರೆಯಲಿ ಎಂದು ಹಾರೈಸಿ ಶುಭ ಕೋರಿದರು. ಸನ್ಮಾನ ಸ್ವೀಕರಿಸಿ ಮಾತನಾಡಿದ ಡಾ.ಎಸ್.ಎಸ್.ನೀಲಗುಂದ ಅವರು ಸಾರ್ವಜನಿಕರಿಗೆ ಆರೋಗ್ಯ ಇಲಾಖೆಯ ಸೇವೆಗಳು ತಲುಪುವಂತೆ ಶ್ರಮಿಸುವುದಾಗಿ ಹೇಳಿದರು. ಈ ಸಂದರ್ಭದಲ್ಲಿ ಕೃಷ್ಣಾ ಗದಗದ, ಕೆ.ವಿ.ಬಿಸನಳ್ಳಿ ಸೇರಿದಂತೆ ಹಲವರು ಇದ್ದರು.
ಸೇವೆಯನ್ನು ನೀಡುವಲ್ಲಿ ಇಲಾಖೆಯ ಎಲ್ಲ ನೌಕರರು ಅಧಿಕಾರಿಗಳು ಉತ್ತಮ ಕಾರ್ಯವನ್ನು ಮಾಡಿದ್ದಾರೆ. ಕರ್ನಾಟಕ ರಾಜ್ಯ ಸರ್ಕಾರಿ ನೌಕರರ ಸಂಘದ ಗದಗ ಜಿಲ್ಲಾ ಅಧ್ಯಕ್ಷರು ಮಾತನಾಡಿ ಆರೋಗ್ಯ ಇಲಾಖೆಯ ಅಧಿಕಾರಿಗಳು ಮತ್ತು ಸಿಬ್ಬಂದಿ ವರ್ಗದವರ ಸೇವೆ ಶ್ಲಾಘನೀಯ ಎಂದರು. ಈ ಸಂದರ್ಭದಲ್ಲಿ ಆರೋಗ್ಯ ನಿರೀಕ್ಷಣಾಧಿಕಾರಿಗಳ ಸಂಘದ ರಾಜ್ಯ ಗೌರವಾಧ್ಯಕ್ಷರು ಹಾಗೂ ಜಿಲ್ಲಾ ಕಾರ್ಯದರ್ಶಿಗಳು ಸನ್ಮಾನ ಮಾಡಿ ಗೌರವಿಸಿದರು. ಸನ್ಮಾನ ಸ್ವೀಕರಿಸಿ ಮಾತನಾಡಿದ ಜಿಲ್ಲಾ ಆರೋಗ್ಯಾಧಿಕಾರಿಗಳು ಎಲ್ಲರ ಸಹಕಾರಕ್ಕೆ ಕೃತಜ್ಞತೆ ಸಲ್ಲಿಸಿದರು.
